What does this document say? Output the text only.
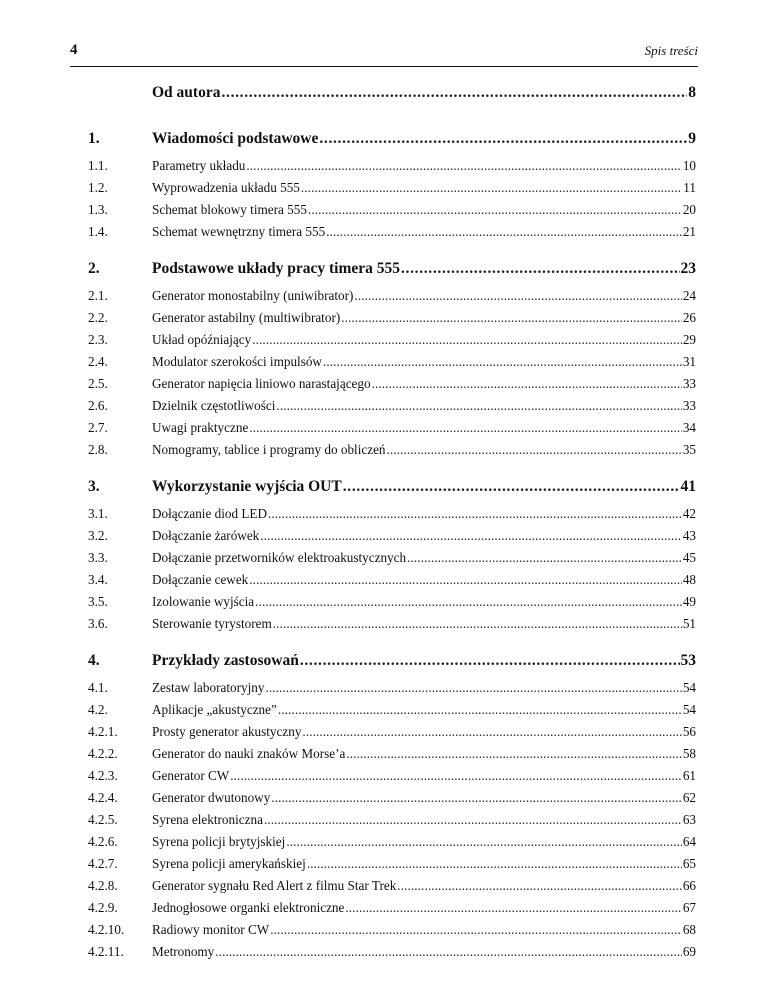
4	Spis treści
Od autora . . .	8
1.	Wiadomości podstawowe . . .	9
1.1.	Parametry układu . . .	10
1.2.	Wyprowadzenia układu 555 . . .	11
1.3.	Schemat blokowy timera 555 . . .	20
1.4.	Schemat wewnętrzny timera 555 . . .	21
2.	Podstawowe układy pracy timera 555 . . .	23
2.1.	Generator monostabilny (uniwibrator) . . .	24
2.2.	Generator astabilny (multiwibrator) . . .	26
2.3.	Układ opóźniający . . .	29
2.4.	Modulator szerokości impulsów . . .	31
2.5.	Generator napięcia liniowo narastającego . . .	33
2.6.	Dzielnik częstotliwości . . .	33
2.7.	Uwagi praktyczne . . .	34
2.8.	Nomogramy, tablice i programy do obliczeń . . .	35
3.	Wykorzystanie wyjścia OUT . . .	41
3.1.	Dołączanie diod LED . . .	42
3.2.	Dołączanie żarówek . . .	43
3.3.	Dołączanie przetworników elektroakustycznych . . .	45
3.4.	Dołączanie cewek . . .	48
3.5.	Izolowanie wyjścia . . .	49
3.6.	Sterowanie tyrystorem . . .	51
4.	Przykłady zastosowań . . .	53
4.1.	Zestaw laboratoryjny . . .	54
4.2.	Aplikacje „akustyczne” . . .	54
4.2.1.	Prosty generator akustyczny . . .	56
4.2.2.	Generator do nauki znaków Morse’a . . .	58
4.2.3.	Generator CW . . .	61
4.2.4.	Generator dwutonowy . . .	62
4.2.5.	Syrena elektroniczna . . .	63
4.2.6.	Syrena policji brytyjskiej . . .	64
4.2.7.	Syrena policji amerykańskiej . . .	65
4.2.8.	Generator sygnału Red Alert z filmu Star Trek . . .	66
4.2.9.	Jednogłosowe organki elektroniczne . . .	67
4.2.10. Radiowy monitor CW . . .	68
4.2.11. Metronomy . . .	69
